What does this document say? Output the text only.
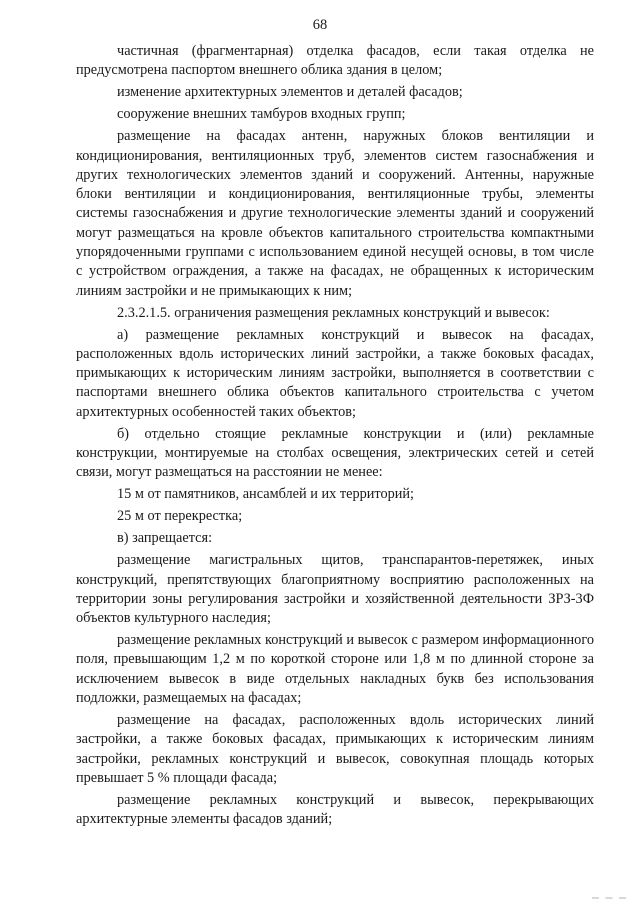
68

частичная (фрагментарная) отделка фасадов, если такая отделка не предусмотрена паспортом внешнего облика здания в целом;

изменение архитектурных элементов и деталей фасадов;

сооружение внешних тамбуров входных групп;

размещение на фасадах антенн, наружных блоков вентиляции и кондиционирования, вентиляционных труб, элементов систем газоснабжения и других технологических элементов зданий и сооружений. Антенны, наружные блоки вентиляции и кондиционирования, вентиляционные трубы, элементы системы газоснабжения и другие технологические элементы зданий и сооружений могут размещаться на кровле объектов капитального строительства компактными упорядоченными группами с использованием единой несущей основы, в том числе с устройством ограждения, а также на фасадах, не обращенных к историческим линиям застройки и не примыкающих к ним;

2.3.2.1.5. ограничения размещения рекламных конструкций и вывесок:

а) размещение рекламных конструкций и вывесок на фасадах, расположенных вдоль исторических линий застройки, а также боковых фасадах, примыкающих к историческим линиям застройки, выполняется в соответствии с паспортами внешнего облика объектов капитального строительства с учетом архитектурных особенностей таких объектов;

б) отдельно стоящие рекламные конструкции и (или) рекламные конструкции, монтируемые на столбах освещения, электрических сетей и сетей связи, могут размещаться на расстоянии не менее:

15 м от памятников, ансамблей и их территорий;

25 м от перекрестка;

в) запрещается:

размещение магистральных щитов, транспарантов-перетяжек, иных конструкций, препятствующих благоприятному восприятию расположенных на территории зоны регулирования застройки и хозяйственной деятельности ЗРЗ-3Ф объектов культурного наследия;

размещение рекламных конструкций и вывесок с размером информационного поля, превышающим 1,2 м по короткой стороне или 1,8 м по длинной стороне за исключением вывесок в виде отдельных накладных букв без использования подложки, размещаемых на фасадах;

размещение на фасадах, расположенных вдоль исторических линий застройки, а также боковых фасадах, примыкающих к историческим линиям застройки, рекламных конструкций и вывесок, совокупная площадь которых превышает 5 % площади фасада;

размещение рекламных конструкций и вывесок, перекрывающих архитектурные элементы фасадов зданий;
